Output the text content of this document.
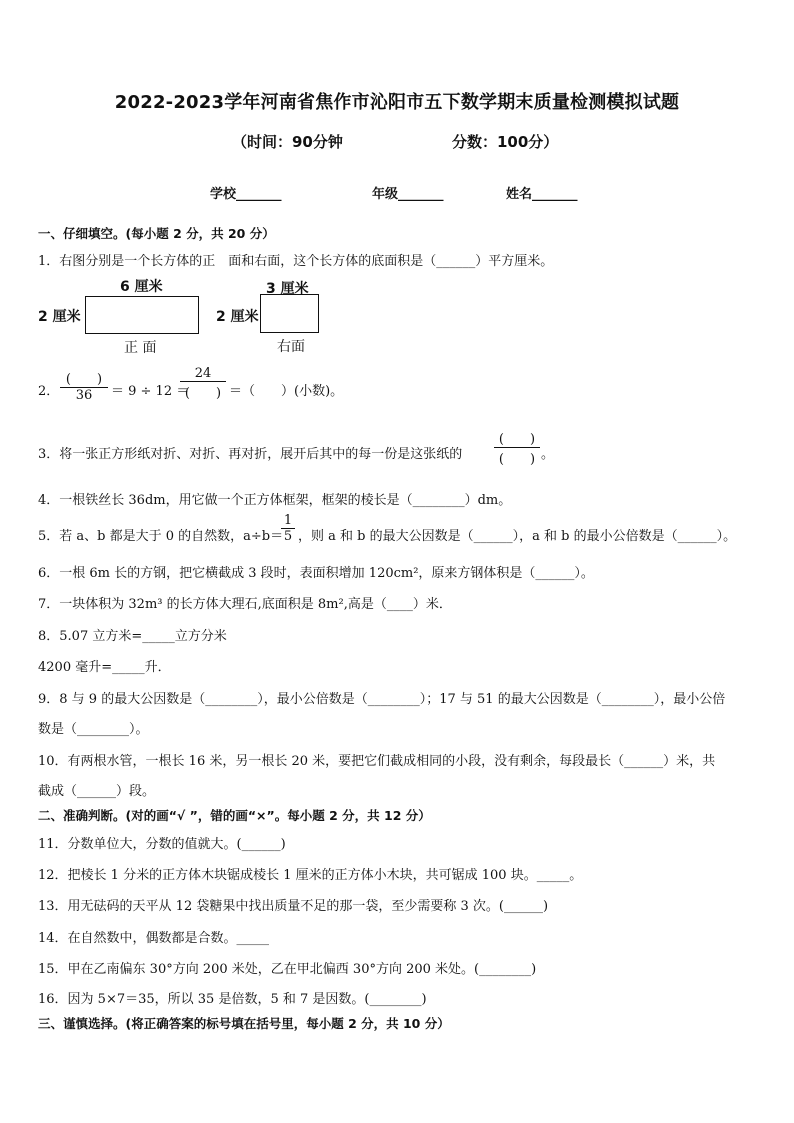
2022-2023学年河南省焦作市沁阳市五下数学期末质量检测模拟试题
（时间：90分钟	分数：100分）
学校_______	年级_______	姓名_______
一、仔细填空。(每小题 2 分，共 20 分）
1．右图分别是一个长方体的正　面和右面，这个长方体的底面积是（______）平方厘米。
6 厘米
2 厘米
正 面
3 厘米
2 厘米
右面
2．
(　　)
36 ＝ 9 ÷ 12 ＝
24
(　　) ＝（　　）(小数)。
3．将一张正方形纸对折、对折、再对折，展开后其中的每一份是这张纸的
(　　)
(　　) 。
4．一根铁丝长 36dm，用它做一个正方体框架，框架的棱长是（________）dm。
5．若 a、b 都是大于 0 的自然数，a÷b＝
1
5 ，则 a 和 b 的最大公因数是（______），a 和 b 的最小公倍数是（______）。
6．一根 6m 长的方钢，把它横截成 3 段时，表面积增加 120cm²，原来方钢体积是（______）。
7．一块体积为 32m³ 的长方体大理石,底面积是 8m²,高是（____）米．
8．5.07 立方米=_____立方分米
4200 毫升=_____升．
9．8 与 9 的最大公因数是（________），最小公倍数是（________）；17 与 51 的最大公因数是（________），最小公倍
数是（________）。
10．有两根水管，一根长 16 米，另一根长 20 米，要把它们截成相同的小段，没有剩余，每段最长（______）米，共
截成（______）段。
二、准确判断。(对的画“√ ”，错的画“×”。每小题 2 分，共 12 分）
11．分数单位大，分数的值就大。(______)
12．把棱长 1 分米的正方体木块锯成棱长 1 厘米的正方体小木块，共可锯成 100 块。_____。
13．用无砝码的天平从 12 袋糖果中找出质量不足的那一袋，至少需要称 3 次。(______)
14．在自然数中，偶数都是合数。_____
15．甲在乙南偏东 30°方向 200 米处，乙在甲北偏西 30°方向 200 米处。(________)
16．因为 5×7＝35，所以 35 是倍数，5 和 7 是因数。(________)
三、谨慎选择。(将正确答案的标号填在括号里，每小题 2 分，共 10 分）
